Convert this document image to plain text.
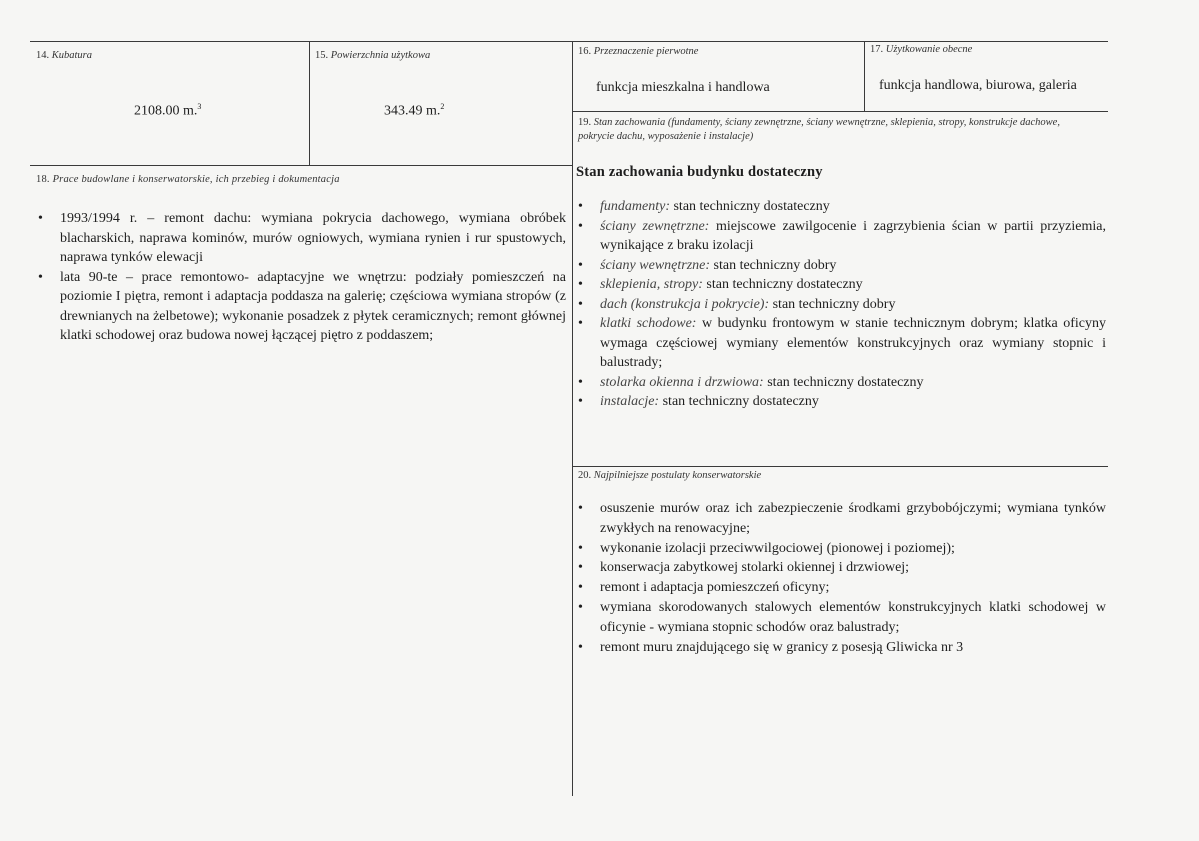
14. Kubatura
2108.00 m.$^3$
15. Powierzchnia użytkowa
343.49 m.$^2$
16. Przeznaczenie pierwotne
funkcja mieszkalna i handlowa
17. Użytkowanie obecne
funkcja handlowa, biurowa, galeria
18. Prace budowlane i konserwatorskie, ich przebieg i dokumentacja
• 1993/1994 r. – remont dachu: wymiana pokrycia dachowego, wymiana obróbek blacharskich, naprawa kominów, murów ogniowych, wymiana rynien i rur spustowych, naprawa tynków elewacji
• lata 90-te – prace remontowo- adaptacyjne we wnętrzu: podziały pomieszczeń na poziomie I piętra, remont i adaptacja poddasza na galerię; częściowa wymiana stropów (z drewnianych na żelbetowe); wykonanie posadzek z płytek ceramicznych; remont głównej klatki schodowej oraz budowa nowej łączącej piętro z poddaszem;
19. Stan zachowania (fundamenty, ściany zewnętrzne, ściany wewnętrzne, sklepienia, stropy, konstrukcje dachowe, pokrycie dachu, wyposażenie i instalacje)
Stan zachowania budynku dostateczny
• fundamenty: stan techniczny dostateczny
• ściany zewnętrzne: miejscowe zawilgocenie i zagrzybienia ścian w partii przyziemia, wynikające z braku izolacji
• ściany wewnętrzne: stan techniczny dobry
• sklepienia, stropy: stan techniczny dostateczny
• dach (konstrukcja i pokrycie): stan techniczny dobry
• klatki schodowe: w budynku frontowym w stanie technicznym dobrym; klatka oficyny wymaga częściowej wymiany elementów konstrukcyjnych oraz wymiany stopnic i balustrady;
• stolarka okienna i drzwiowa: stan techniczny dostateczny
• instalacje: stan techniczny dostateczny
20. Najpilniejsze postulaty konserwatorskie
• osuszenie murów oraz ich zabezpieczenie środkami grzybobójczymi; wymiana tynków zwykłych na renowacyjne;
• wykonanie izolacji przeciwwilgociowej (pionowej i poziomej);
• konserwacja zabytkowej stolarki okiennej i drzwiowej;
• remont i adaptacja pomieszczeń oficyny;
• wymiana skorodowanych stalowych elementów konstrukcyjnych klatki schodowej w oficynie - wymiana stopnic schodów oraz balustrady;
• remont muru znajdującego się w granicy z posesją Gliwicka nr 3
